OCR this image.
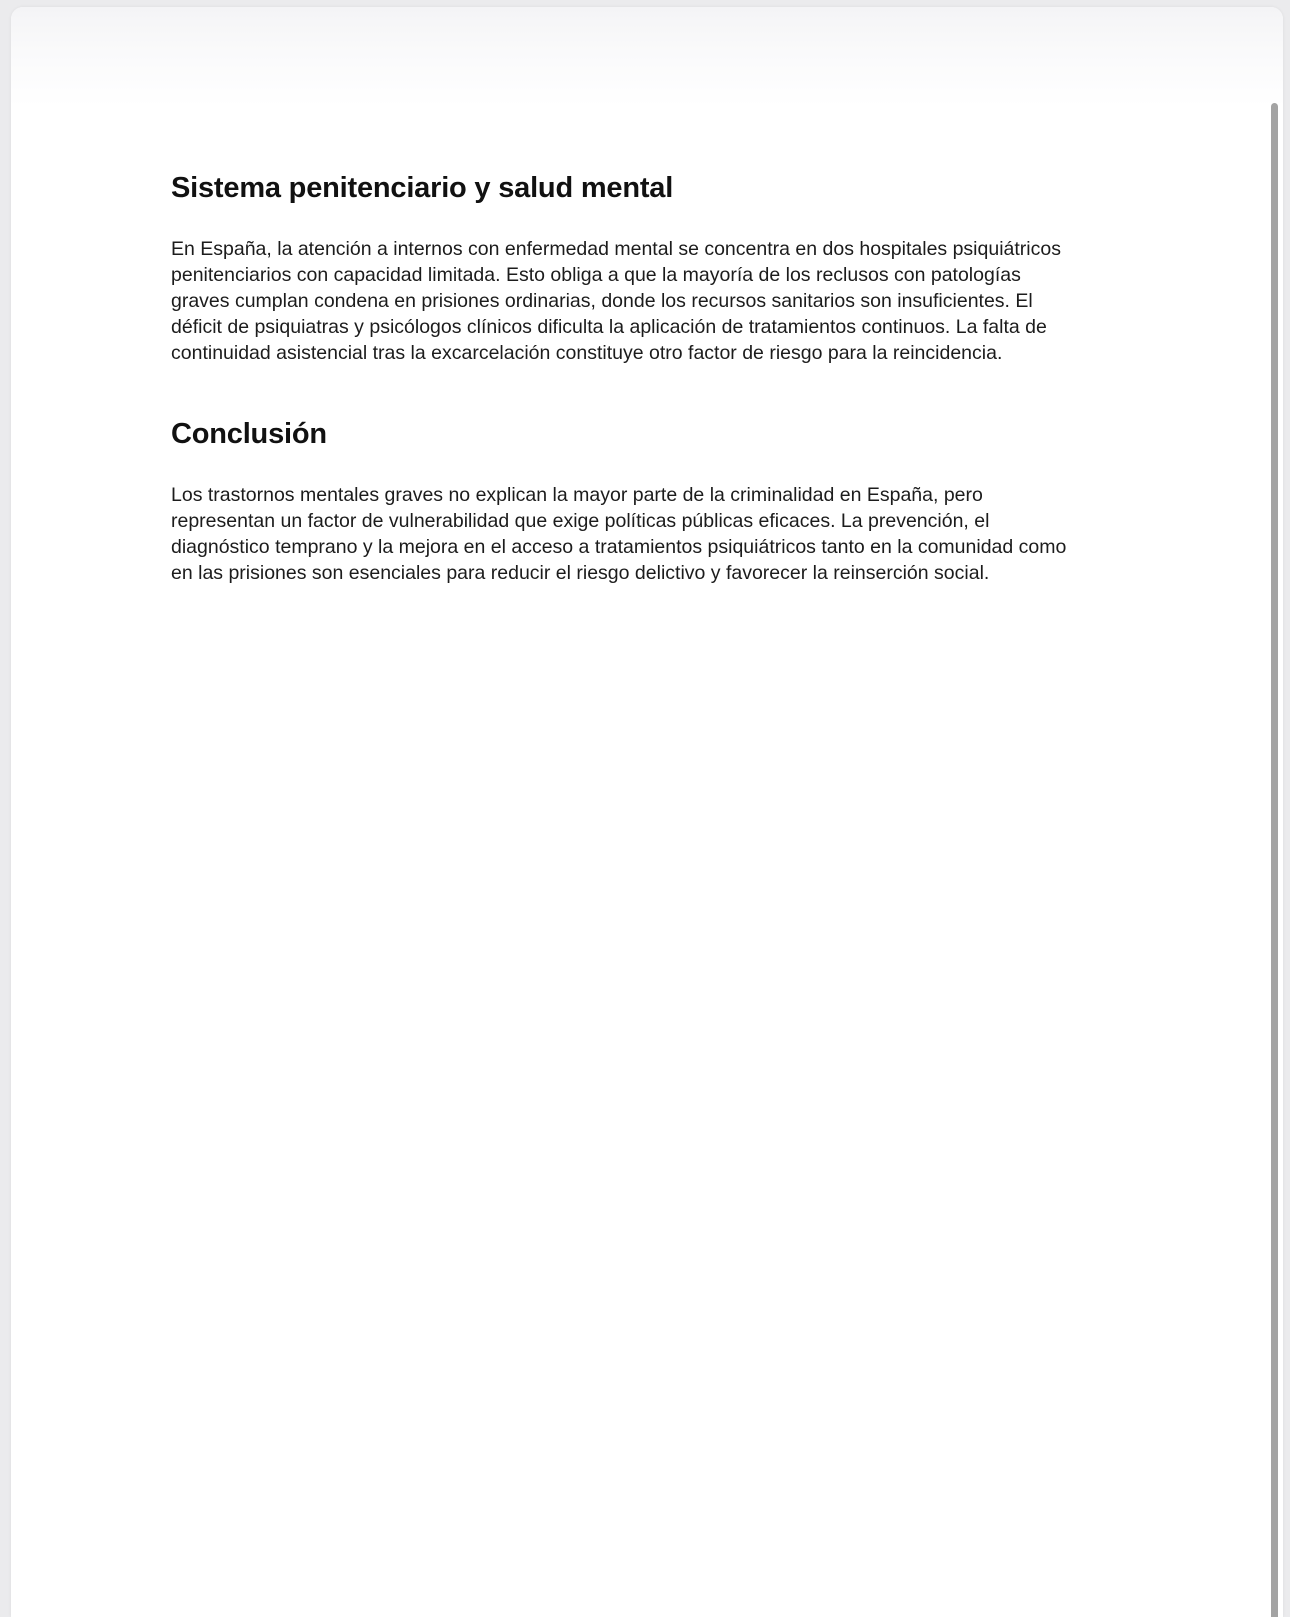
Sistema penitenciario y salud mental

En España, la atención a internos con enfermedad mental se concentra en dos hospitales psiquiátricos penitenciarios con capacidad limitada. Esto obliga a que la mayoría de los reclusos con patologías graves cumplan condena en prisiones ordinarias, donde los recursos sanitarios son insuficientes. El déficit de psiquiatras y psicólogos clínicos dificulta la aplicación de tratamientos continuos. La falta de continuidad asistencial tras la excarcelación constituye otro factor de riesgo para la reincidencia.

Conclusión

Los trastornos mentales graves no explican la mayor parte de la criminalidad en España, pero representan un factor de vulnerabilidad que exige políticas públicas eficaces. La prevención, el diagnóstico temprano y la mejora en el acceso a tratamientos psiquiátricos tanto en la comunidad como en las prisiones son esenciales para reducir el riesgo delictivo y favorecer la reinserción social.
